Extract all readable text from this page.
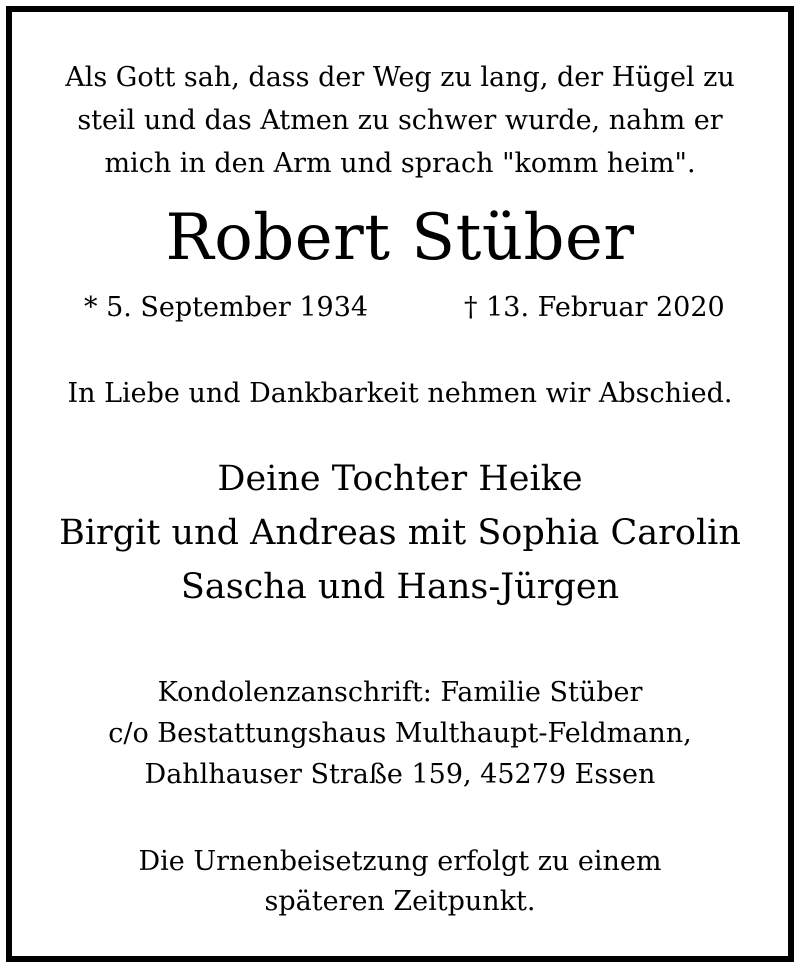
Als Gott sah, dass der Weg zu lang, der Hügel zu
steil und das Atmen zu schwer wurde, nahm er
mich in den Arm und sprach "komm heim".
Robert Stüber
* 5. September 1934	† 13. Februar 2020
In Liebe und Dankbarkeit nehmen wir Abschied.
Deine Tochter Heike
Birgit und Andreas mit Sophia Carolin
Sascha und Hans-Jürgen
Kondolenzanschrift: Familie Stüber
c/o Bestattungshaus Multhaupt-Feldmann,
Dahlhauser Straße 159, 45279 Essen
Die Urnenbeisetzung erfolgt zu einem
späteren Zeitpunkt.
